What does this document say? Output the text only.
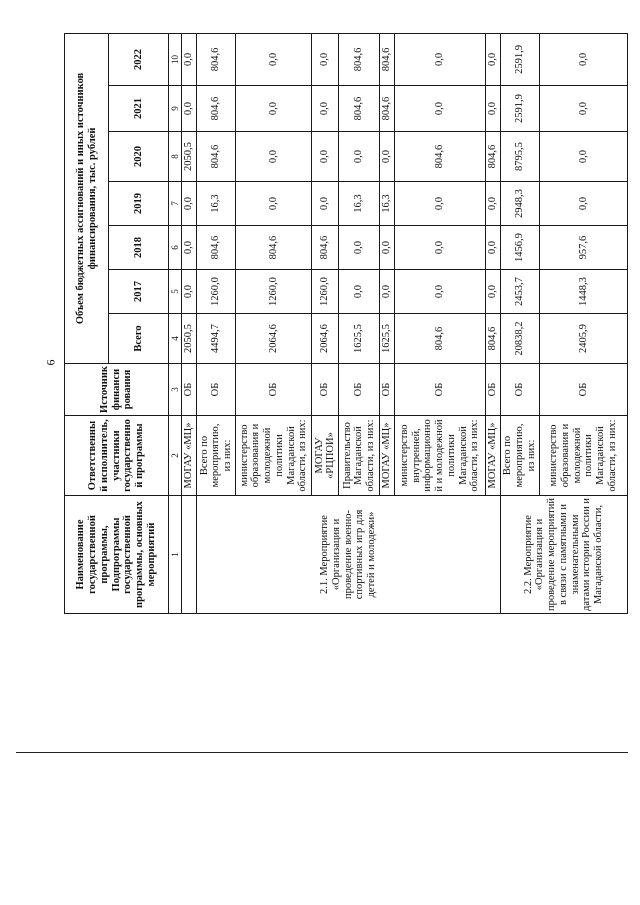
6
Наименование государственной программы, Подпрограммы государственной программы, основных мероприятий	Ответственный исполнитель, участники государственной программы	Источник финансирования	Объем бюджетных ассигнований и иных источников финансирования, тыс. рублей						
			Всего	2017	2018	2019	2020	2021	2022
1	2	3	4	5	6	7	8	9	10
	МОГАУ «МЦ»	ОБ	2050,5	0,0	0,0	0,0	2050,5	0,0	0,0
2.1. Мероприятие «Организация и проведение военно-спортивных игр для детей и молодежи»	Всего по мероприятию, из них:	ОБ	4494,7	1260,0	804,6	16,3	804,6	804,6	804,6
	министерство образования и молодежной политики Магаданской области, из них:	ОБ	2064,6	1260,0	804,6	0,0	0,0	0,0	0,0
	МОГАУ «РЦПОИ»	ОБ	2064,6	1260,0	804,6	0,0	0,0	0,0	0,0
	Правительство Магаданской области, из них:	ОБ	1625,5	0,0	0,0	16,3	0,0	804,6	804,6
	МОГАУ «МЦ»	ОБ	1625,5	0,0	0,0	16,3	0,0	804,6	804,6
	министерство внутренней, информационной и молодежной политики Магаданской области, из них:	ОБ	804,6	0,0	0,0	0,0	804,6	0,0	0,0
	МОГАУ «МЦ»	ОБ	804,6	0,0	0,0	0,0	804,6	0,0	0,0
2.2. Мероприятие «Организация и проведение мероприятий в связи с памятными и знаменательными датами истории России и Магаданской области,	Всего по мероприятию, из них:	ОБ	20838,2	2453,7	1456,9	2948,3	8795,5	2591,9	2591,9
	министерство образования и молодежной политики Магаданской области, из них:	ОБ	2405,9	1448,3	957,6	0,0	0,0	0,0	0,0
